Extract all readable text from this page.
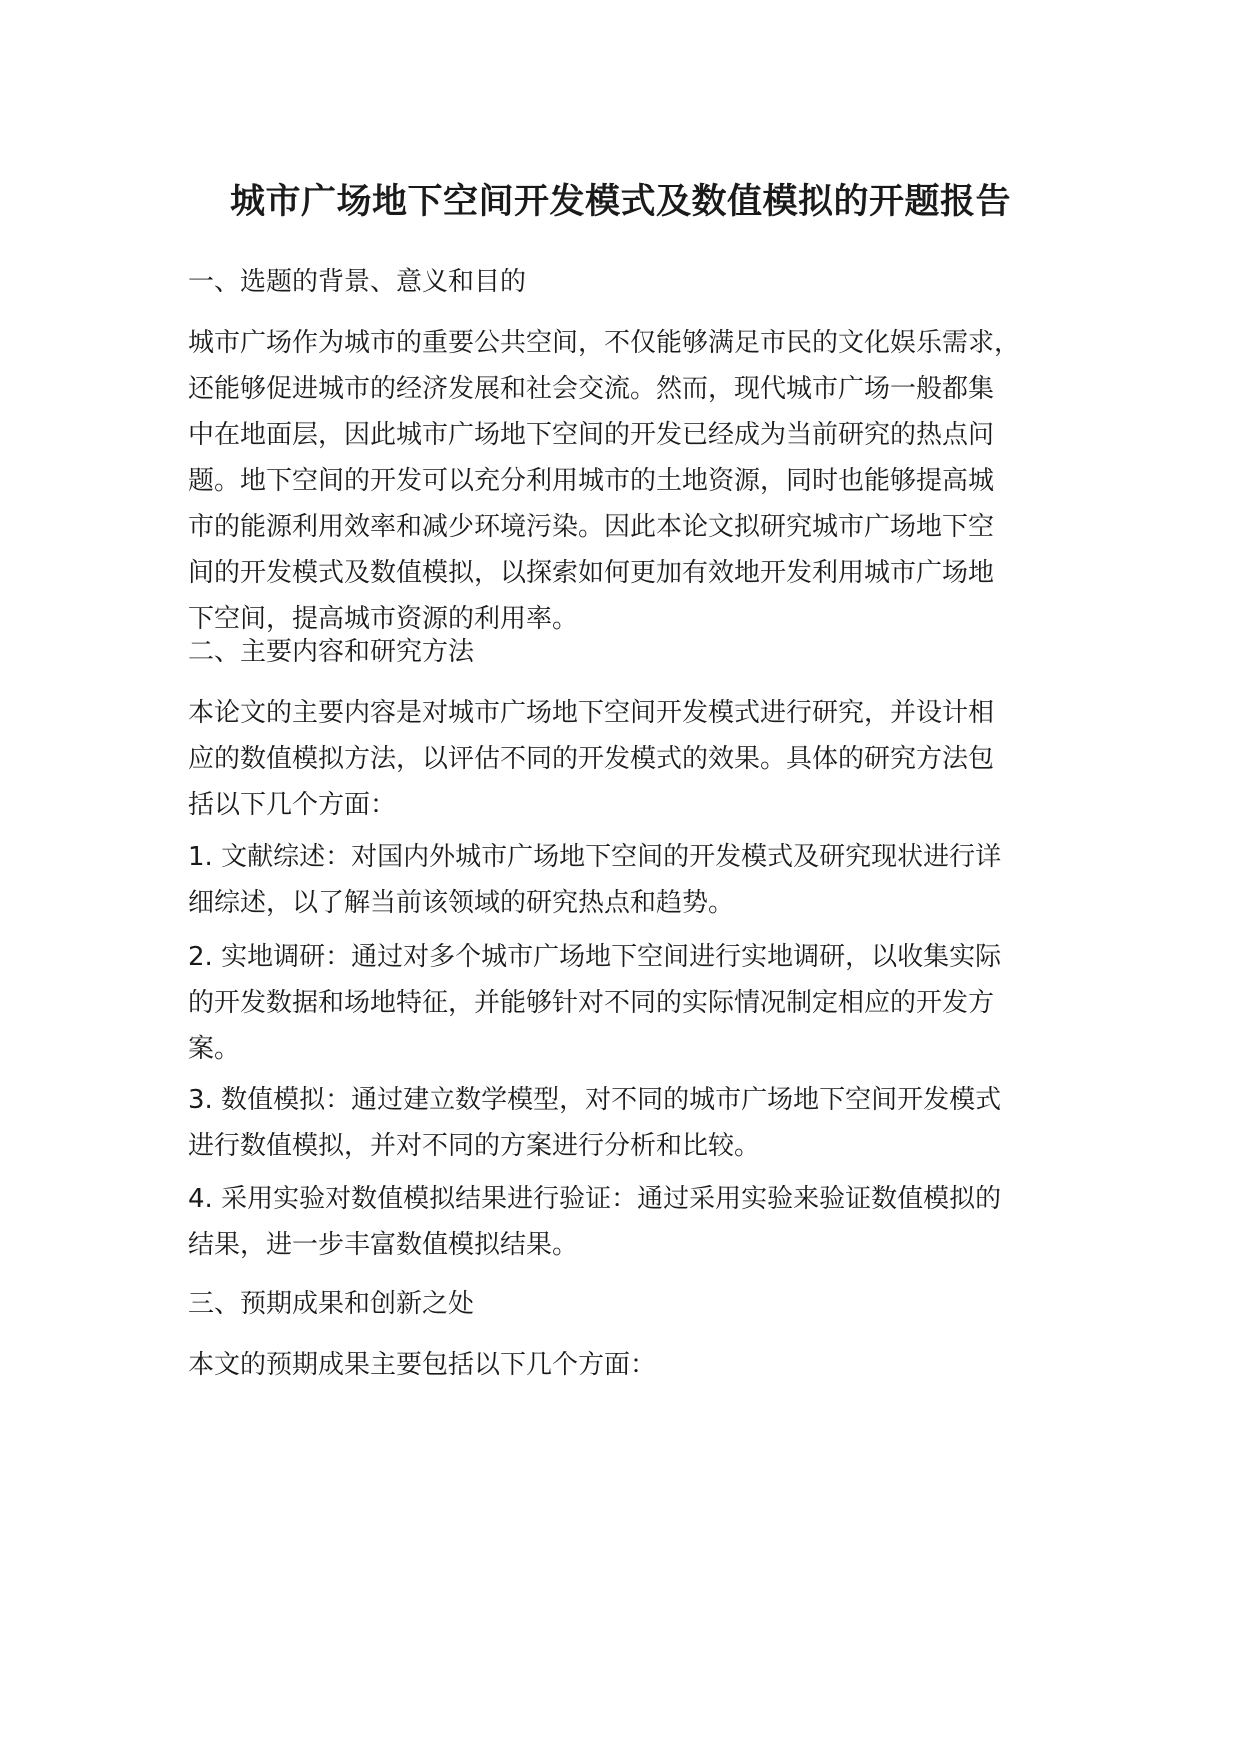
城市广场地下空间开发模式及数值模拟的开题报告

一、选题的背景、意义和目的

城市广场作为城市的重要公共空间，不仅能够满足市民的文化娱乐需求，
还能够促进城市的经济发展和社会交流。然而，现代城市广场一般都集
中在地面层，因此城市广场地下空间的开发已经成为当前研究的热点问
题。地下空间的开发可以充分利用城市的土地资源，同时也能够提高城
市的能源利用效率和减少环境污染。因此本论文拟研究城市广场地下空
间的开发模式及数值模拟，以探索如何更加有效地开发利用城市广场地
下空间，提高城市资源的利用率。

二、主要内容和研究方法

本论文的主要内容是对城市广场地下空间开发模式进行研究，并设计相
应的数值模拟方法，以评估不同的开发模式的效果。具体的研究方法包
括以下几个方面：
1. 文献综述：对国内外城市广场地下空间的开发模式及研究现状进行详
细综述，以了解当前该领域的研究热点和趋势。
2. 实地调研：通过对多个城市广场地下空间进行实地调研，以收集实际
的开发数据和场地特征，并能够针对不同的实际情况制定相应的开发方
案。
3. 数值模拟：通过建立数学模型，对不同的城市广场地下空间开发模式
进行数值模拟，并对不同的方案进行分析和比较。
4. 采用实验对数值模拟结果进行验证：通过采用实验来验证数值模拟的
结果，进一步丰富数值模拟结果。

三、预期成果和创新之处

本文的预期成果主要包括以下几个方面：
